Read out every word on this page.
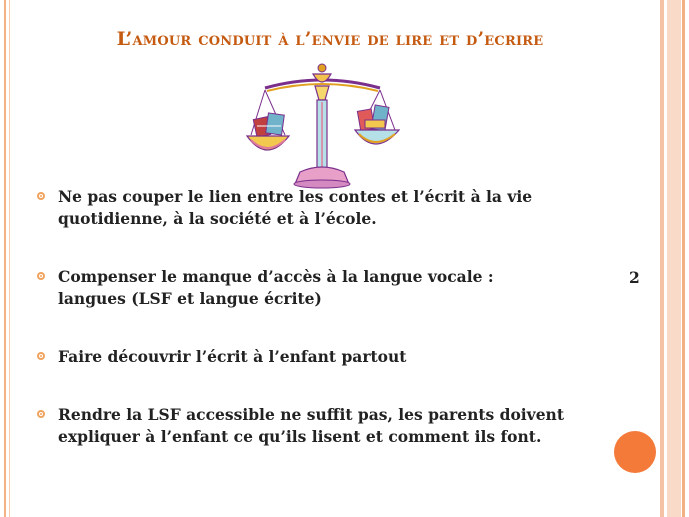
L’amour conduit à l’envie de lire et d’ecrire
Ne pas couper le lien entre les contes et l’écrit à la vie quotidienne, à la société et à l’école.
Compenser le manque d’accès à la langue vocale :
langues (LSF et langue écrite)
2
Faire découvrir l’écrit à l’enfant partout
Rendre la LSF accessible ne suffit pas, les parents doivent expliquer à l’enfant ce qu’ils lisent et comment ils font.
